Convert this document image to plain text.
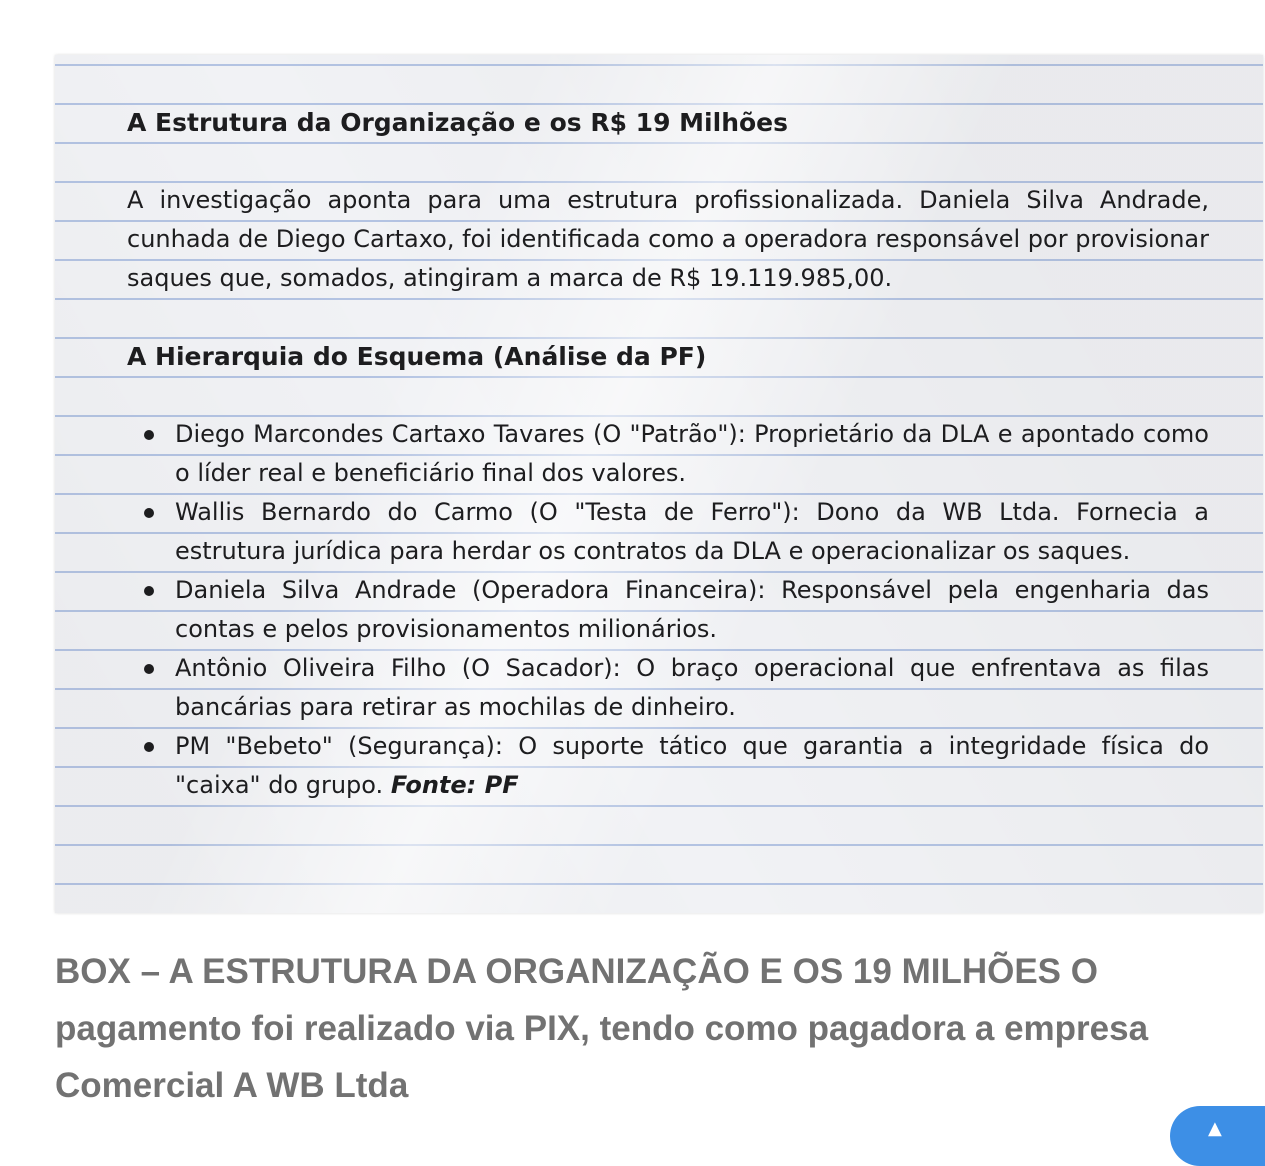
A Estrutura da Organização e os R$ 19 Milhões

A investigação aponta para uma estrutura profissionalizada. Daniela Silva Andrade, cunhada de Diego Cartaxo, foi identificada como a operadora responsável por provisionar saques que, somados, atingiram a marca de R$ 19.119.985,00.

A Hierarquia do Esquema (Análise da PF)
Diego Marcondes Cartaxo Tavares (O "Patrão"): Proprietário da DLA e apontado como o líder real e beneficiário final dos valores.
Wallis Bernardo do Carmo (O "Testa de Ferro"): Dono da WB Ltda. Fornecia a estrutura jurídica para herdar os contratos da DLA e operacionalizar os saques.
Daniela Silva Andrade (Operadora Financeira): Responsável pela engenharia das contas e pelos provisionamentos milionários.
Antônio Oliveira Filho (O Sacador): O braço operacional que enfrentava as filas bancárias para retirar as mochilas de dinheiro.
PM "Bebeto" (Segurança): O suporte tático que garantia a integridade física do "caixa" do grupo. Fonte: PF
BOX – A ESTRUTURA DA ORGANIZAÇÃO E OS 19 MILHÕES O pagamento foi realizado via PIX, tendo como pagadora a empresa Comercial A WB Ltda
▲
